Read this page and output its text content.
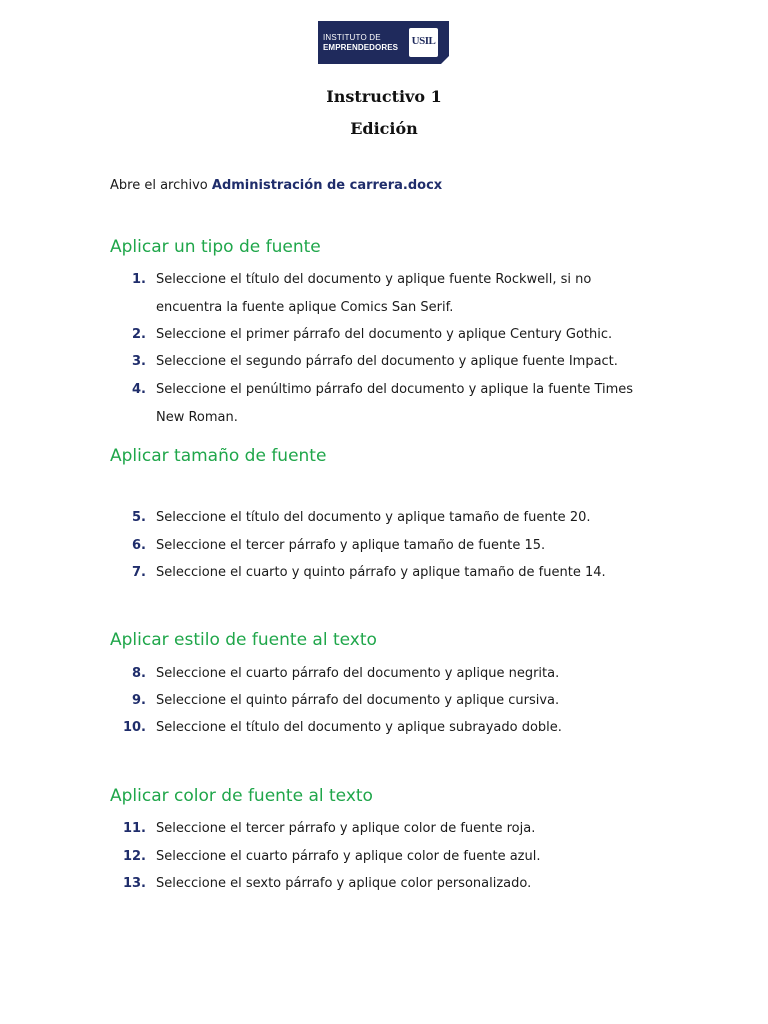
INSTITUTO DE
EMPRENDEDORES
USIL
Instructivo 1
Edición
Abre el archivo Administración de carrera.docx
Aplicar un tipo de fuente
1. Seleccione el título del documento y aplique fuente Rockwell, si no encuentra la fuente aplique Comics San Serif.
2. Seleccione el primer párrafo del documento y aplique Century Gothic.
3. Seleccione el segundo párrafo del documento y aplique fuente Impact.
4. Seleccione el penúltimo párrafo del documento y aplique la fuente Times New Roman.
Aplicar tamaño de fuente
5. Seleccione el título del documento y aplique tamaño de fuente 20.
6. Seleccione el tercer párrafo y aplique tamaño de fuente 15.
7. Seleccione el cuarto y quinto párrafo y aplique tamaño de fuente 14.
Aplicar estilo de fuente al texto
8. Seleccione el cuarto párrafo del documento y aplique negrita.
9. Seleccione el quinto párrafo del documento y aplique cursiva.
10. Seleccione el título del documento y aplique subrayado doble.
Aplicar color de fuente al texto
11. Seleccione el tercer párrafo y aplique color de fuente roja.
12. Seleccione el cuarto párrafo y aplique color de fuente azul.
13. Seleccione el sexto párrafo y aplique color personalizado.
